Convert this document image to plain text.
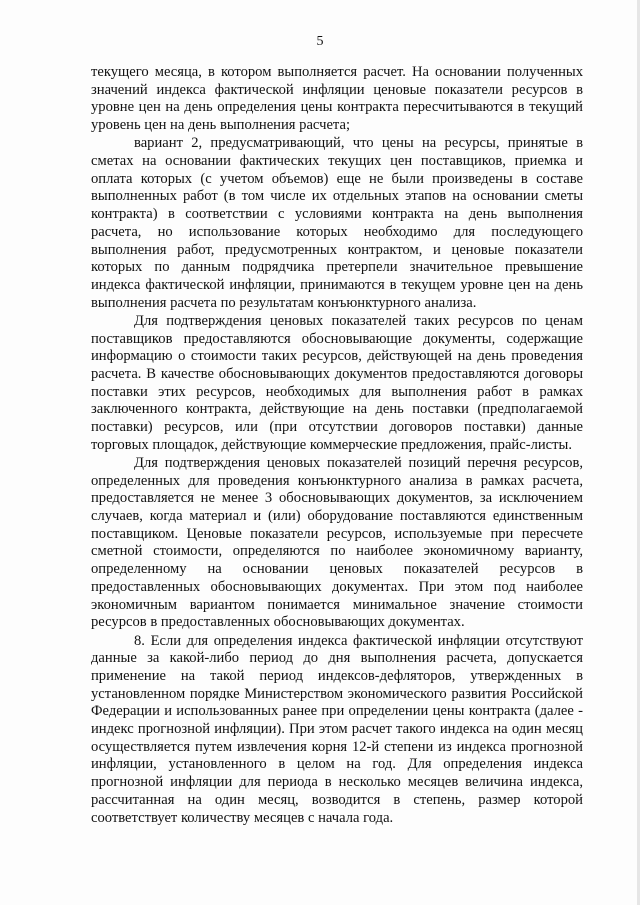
5

текущего месяца, в котором выполняется расчет. На основании полученных значений индекса фактической инфляции ценовые показатели ресурсов в уровне цен на день определения цены контракта пересчитываются в текущий уровень цен на день выполнения расчета;

вариант 2, предусматривающий, что цены на ресурсы, принятые в сметах на основании фактических текущих цен поставщиков, приемка и оплата которых (с учетом объемов) еще не были произведены в составе выполненных работ (в том числе их отдельных этапов на основании сметы контракта) в соответствии с условиями контракта на день выполнения расчета, но использование которых необходимо для последующего выполнения работ, предусмотренных контрактом, и ценовые показатели которых по данным подрядчика претерпели значительное превышение индекса фактической инфляции, принимаются в текущем уровне цен на день выполнения расчета по результатам конъюнктурного анализа.

Для подтверждения ценовых показателей таких ресурсов по ценам поставщиков предоставляются обосновывающие документы, содержащие информацию о стоимости таких ресурсов, действующей на день проведения расчета. В качестве обосновывающих документов предоставляются договоры поставки этих ресурсов, необходимых для выполнения работ в рамках заключенного контракта, действующие на день поставки (предполагаемой поставки) ресурсов, или (при отсутствии договоров поставки) данные торговых площадок, действующие коммерческие предложения, прайс-листы.

Для подтверждения ценовых показателей позиций перечня ресурсов, определенных для проведения конъюнктурного анализа в рамках расчета, предоставляется не менее 3 обосновывающих документов, за исключением случаев, когда материал и (или) оборудование поставляются единственным поставщиком. Ценовые показатели ресурсов, используемые при пересчете сметной стоимости, определяются по наиболее экономичному варианту, определенному на основании ценовых показателей ресурсов в предоставленных обосновывающих документах. При этом под наиболее экономичным вариантом понимается минимальное значение стоимости ресурсов в предоставленных обосновывающих документах.

8. Если для определения индекса фактической инфляции отсутствуют данные за какой-либо период до дня выполнения расчета, допускается применение на такой период индексов-дефляторов, утвержденных в установленном порядке Министерством экономического развития Российской Федерации и использованных ранее при определении цены контракта (далее - индекс прогнозной инфляции). При этом расчет такого индекса на один месяц осуществляется путем извлечения корня 12-й степени из индекса прогнозной инфляции, установленного в целом на год. Для определения индекса прогнозной инфляции для периода в несколько месяцев величина индекса, рассчитанная на один месяц, возводится в степень, размер которой соответствует количеству месяцев с начала года.
